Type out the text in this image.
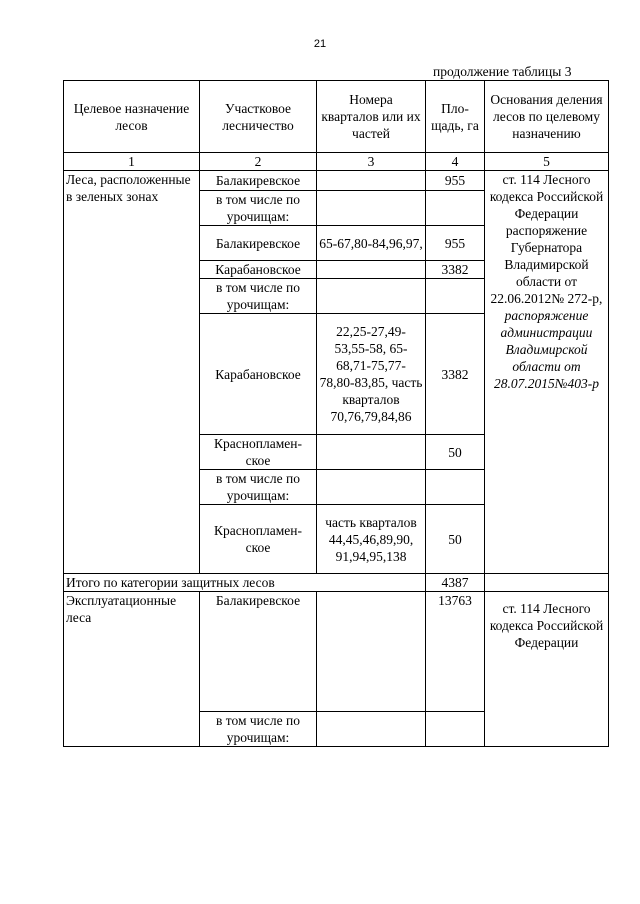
21
продолжение таблицы 3
Целевое назначение лесов	Участковое лесничество	Номера кварталов или их частей	Пло-щадь, га	Основания деления лесов по целевому назначению
1	2	3	4	5
Леса, расположенные в зеленых зонах	Балакиревское		955	ст. 114 Лесного кодекса Российской Федерации распоряжение Губернатора Владимирской области от 22.06.2012№ 272-р, распоряжение администрации Владимирской области от 28.07.2015№403-р
	в том числе по урочищам:			
	Балакиревское	65-67,80-84,96,97,	955	
	Карабановское		3382	
	в том числе по урочищам:			
	Карабановское	22,25-27,49-53,55-58, 65-68,71-75,77-78,80-83,85, часть кварталов 70,76,79,84,86	3382	
	Краснопламен-ское		50	
	в том числе по урочищам:			
	Краснопламен-ское	часть кварталов 44,45,46,89,90, 91,94,95,138	50	
Итого по категории защитных лесов			4387	
Эксплуатационные леса	Балакиревское		13763	ст. 114 Лесного кодекса Российской Федерации
	в том числе по урочищам:			
